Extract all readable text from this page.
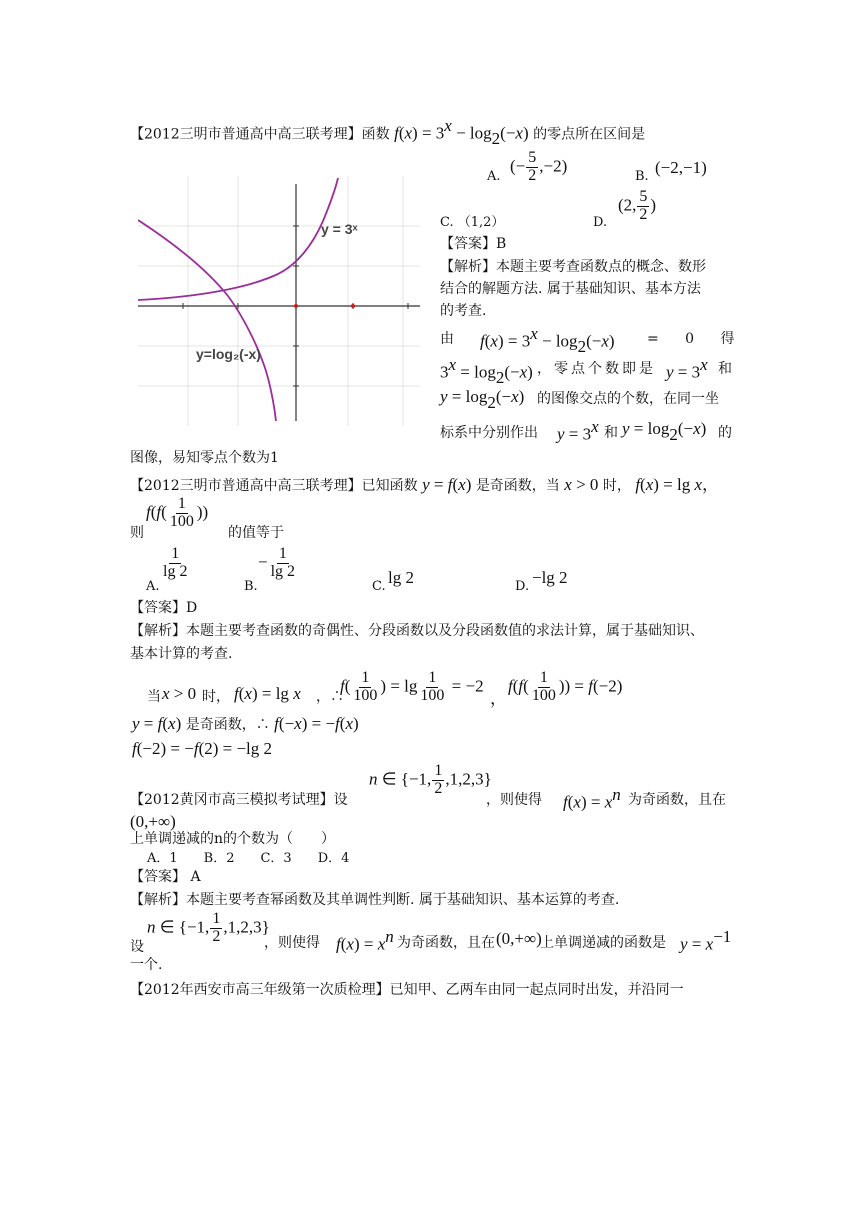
【2012三明市普通高中高三联考理】函数 $f(x) = 3^x - \log_2(-x)$ 的零点所在区间是
A.
(− $\frac{5}{2} ,-2$)
B. (−2,−1)
C. （1,2）	D.
(2, $\frac{5}{2}$ )
y = 3ˣ
y=log₂(-x)
【答案】B
【解析】本题主要考查函数点的概念、数形
结合的解题方法. 属于基础知识、基本方法
的考查.
由 $f(x) = 3^x - \log_2(-x) = 0$ 得
$3^x = \log_2(-x)$ ，零点个数即是 $y = 3^x$ 和
$y = \log_2(-x)$ 的图像交点的个数，在同一坐
标系中分别作出 $y = 3^x$ 和 $y = \log_2(-x)$ 的
图像，易知零点个数为1
【2012三明市普通高中高三联考理】已知函数 y = f(x) 是奇函数，当 x > 0 时， f(x) = lg x，
则
$f(f( \frac{1}{100}$ ))
的值等于
A.
$\frac{1}{\lg 2}$
B.
− $\frac{1}{\lg 2}$
C. lg 2	D. −lg 2
【答案】D
【解析】本题主要考查函数的奇偶性、分段函数以及分段函数值的求法计算，属于基础知识、
基本计算的考查.
当 x > 0 时， f(x) = lg x ，∴
$f( \frac{1}{100}$ ) = $\lg \frac{1}{100} = -2$
，
$f(f( \frac{1}{100}$ )) = f(−2)
y = f(x) 是奇函数，∴ f(−x) = −f(x)
f(−2) = −f(2) = −lg 2
【2012黄冈市高三模拟考试理】设
n ∈ {−1, $\frac{1}{2} ,1,2,3$}
，则使得 $f(x) = x^n$ 为奇函数，且在
(0,+∞)
上单调递减的n的个数为（　　）
A．1　　B．2　　C．3　　D．4
【答案】 A
【解析】本题主要考查幂函数及其单调性判断. 属于基础知识、基本运算的考查.
设
n ∈ {−1, $\frac{1}{2} ,1,2,3$}
，则使得 $f(x) = x^n$ 为奇函数，且在 (0,+∞)
上单调递减的函数是 $y = x^{-1}$
一个.
【2012年西安市高三年级第一次质检理】已知甲、乙两车由同一起点同时出发，并沿同一
